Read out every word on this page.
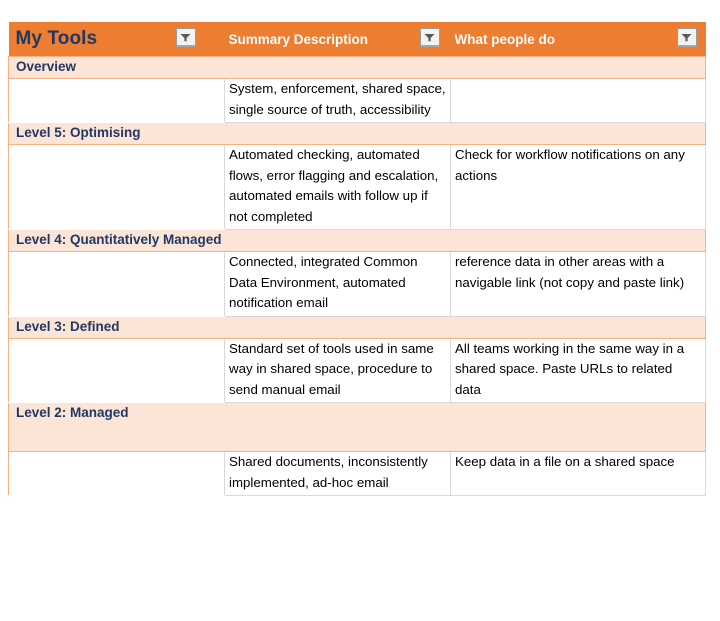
My Tools	Summary Description	What people do

Overview		

	System, enforcement, shared space, single source of truth, accessibility	

Level 5: Optimising		

	Automated checking, automated flows, error flagging and escalation, automated emails with follow up if not completed	Check for workflow notifications on any actions

Level 4: Quantitatively Managed		

	Connected, integrated Common Data Environment, automated notification email	reference data in other areas with a navigable link (not copy and paste link)

Level 3: Defined		

	Standard set of tools used in same way in shared space, procedure to send manual email	All teams working in the same way in a shared space. Paste URLs to related data

Level 2: Managed		

	Shared documents, inconsistently implemented, ad-hoc email	Keep data in a file on a shared space
